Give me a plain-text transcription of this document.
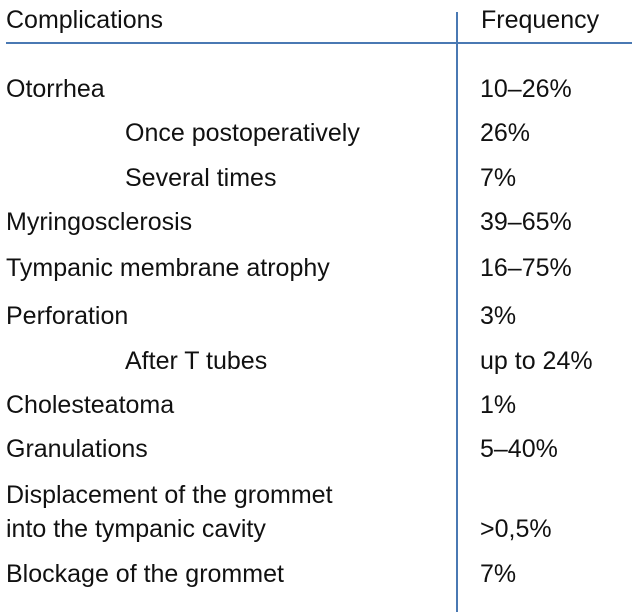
Complications	Frequency
Otorrhea	10–26%
Once postoperatively	26%
Several times	7%
Myringosclerosis	39–65%
Tympanic membrane atrophy	16–75%
Perforation	3%
After T tubes	up to 24%
Cholesteatoma	1%
Granulations	5–40%
Displacement of the grommet
into the tympanic cavity	>0,5%
Blockage of the grommet	7%
